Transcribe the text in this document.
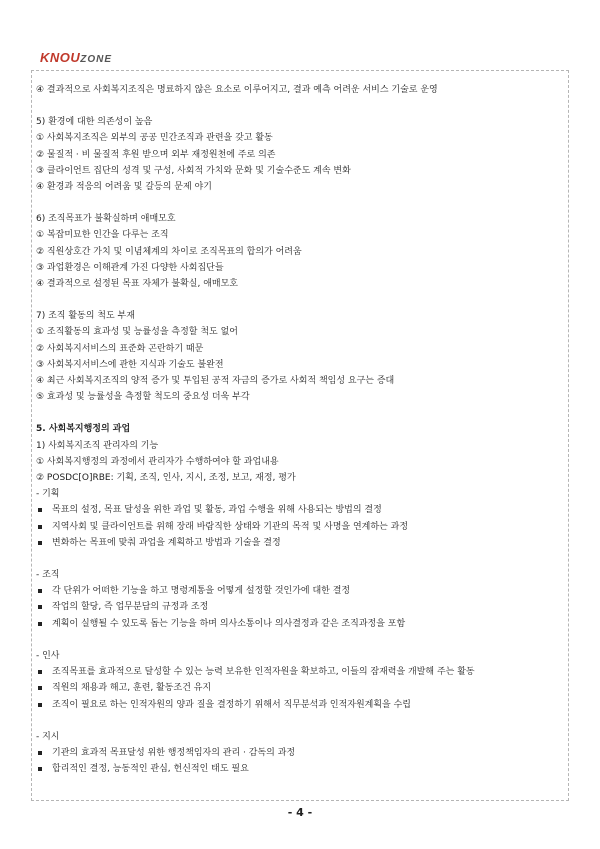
KNOUZONE
④ 결과적으로 사회복지조직은 명료하지 않은 요소로 이루어지고, 결과 예측 어려운 서비스 기술로 운영
5) 환경에 대한 의존성이 높음
① 사회복지조직은 외부의 공공 민간조직과 관련을 갖고 활동
② 물질적 · 비 물질적 후원 받으며 외부 재정원천에 주로 의존
③ 클라이언트 집단의 성격 및 구성, 사회적 가치와 문화 및 기술수준도 계속 변화
④ 환경과 적응의 어려움 및 갈등의 문제 야기
6) 조직목표가 불확실하며 애매모호
① 복잡미묘한 인간을 다루는 조직
② 직원상호간 가치 및 이념체계의 차이로 조직목표의 합의가 어려움
③ 과업환경은 이해관계 가진 다양한 사회집단들
④ 결과적으로 설정된 목표 자체가 불확실, 애매모호
7) 조직 활동의 척도 부재
① 조직활동의 효과성 및 능률성을 측정할 척도 없어
② 사회복지서비스의 표준화 곤란하기 때문
③ 사회복지서비스에 관한 지식과 기술도 불완전
④ 최근 사회복지조직의 양적 증가 및 투입된 공적 자금의 증가로 사회적 책임성 요구는 증대
⑤ 효과성 및 능률성을 측정할 척도의 중요성 더욱 부각
5. 사회복지행정의 과업
1) 사회복지조직 관리자의 기능
① 사회복지행정의 과정에서 관리자가 수행하여야 할 과업내용
② POSDC[O]RBE: 기획, 조직, 인사, 지시, 조정, 보고, 재정, 평가
- 기획
목표의 설정, 목표 달성을 위한 과업 및 활동, 과업 수행을 위해 사용되는 방법의 결정
지역사회 및 클라이언트를 위해 장래 바람직한 상태와 기관의 목적 및 사명을 연계하는 과정
변화하는 목표에 맞춰 과업을 계획하고 방법과 기술을 결정
- 조직
각 단위가 어떠한 기능을 하고 명령계통을 어떻게 설정할 것인가에 대한 결정
작업의 할당, 즉 업무분담의 규정과 조정
계획이 실행될 수 있도록 돕는 기능을 하며 의사소통이나 의사결정과 같은 조직과정을 포함
- 인사
조직목표를 효과적으로 달성할 수 있는 능력 보유한 인적자원을 확보하고, 이들의 잠재력을 개발해 주는 활동
직원의 채용과 해고, 훈련, 활동조건 유지
조직이 필요로 하는 인적자원의 양과 질을 결정하기 위해서 직무분석과 인적자원계획을 수립
- 지시
기관의 효과적 목표달성 위한 행정책임자의 관리 · 감독의 과정
합리적인 결정, 능동적인 관심, 헌신적인 태도 필요
- 4 -
